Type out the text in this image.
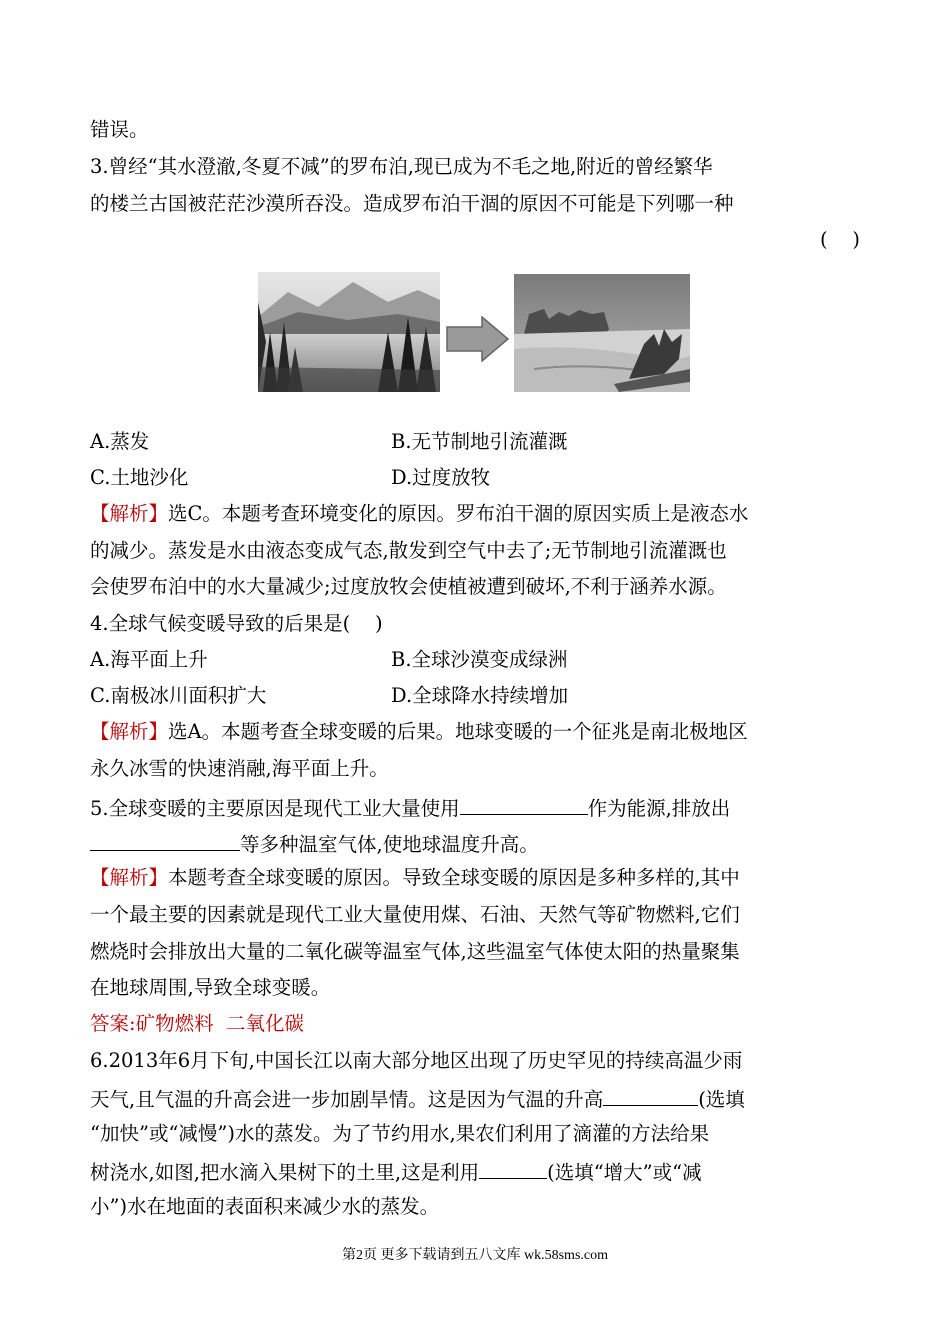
错误。
3.曾经“其水澄澈,冬夏不减”的罗布泊,现已成为不毛之地,附近的曾经繁华
的楼兰古国被茫茫沙漠所吞没。造成罗布泊干涸的原因不可能是下列哪一种
(    )
A.蒸发	B.无节制地引流灌溉
C.土地沙化	D.过度放牧
【解析】选C。本题考查环境变化的原因。罗布泊干涸的原因实质上是液态水
的减少。蒸发是水由液态变成气态,散发到空气中去了;无节制地引流灌溉也
会使罗布泊中的水大量减少;过度放牧会使植被遭到破坏,不利于涵养水源。
4.全球气候变暖导致的后果是(    )
A.海平面上升	B.全球沙漠变成绿洲
C.南极冰川面积扩大	D.全球降水持续增加
【解析】选A。本题考查全球变暖的后果。地球变暖的一个征兆是南北极地区
永久冰雪的快速消融,海平面上升。
5.全球变暖的主要原因是现代工业大量使用	作为能源,排放出
等多种温室气体,使地球温度升高。
【解析】本题考查全球变暖的原因。导致全球变暖的原因是多种多样的,其中
一个最主要的因素就是现代工业大量使用煤、石油、天然气等矿物燃料,它们
燃烧时会排放出大量的二氧化碳等温室气体,这些温室气体使太阳的热量聚集
在地球周围,导致全球变暖。
答案:矿物燃料  二氧化碳
6.2013年6月下旬,中国长江以南大部分地区出现了历史罕见的持续高温少雨
天气,且气温的升高会进一步加剧旱情。这是因为气温的升高	(选填
“加快”或“减慢”)水的蒸发。为了节约用水,果农们利用了滴灌的方法给果
树浇水,如图,把水滴入果树下的土里,这是利用	(选填“增大”或“减
小”)水在地面的表面积来减少水的蒸发。
第2页 更多下载请到五八文库 wk.58sms.com
